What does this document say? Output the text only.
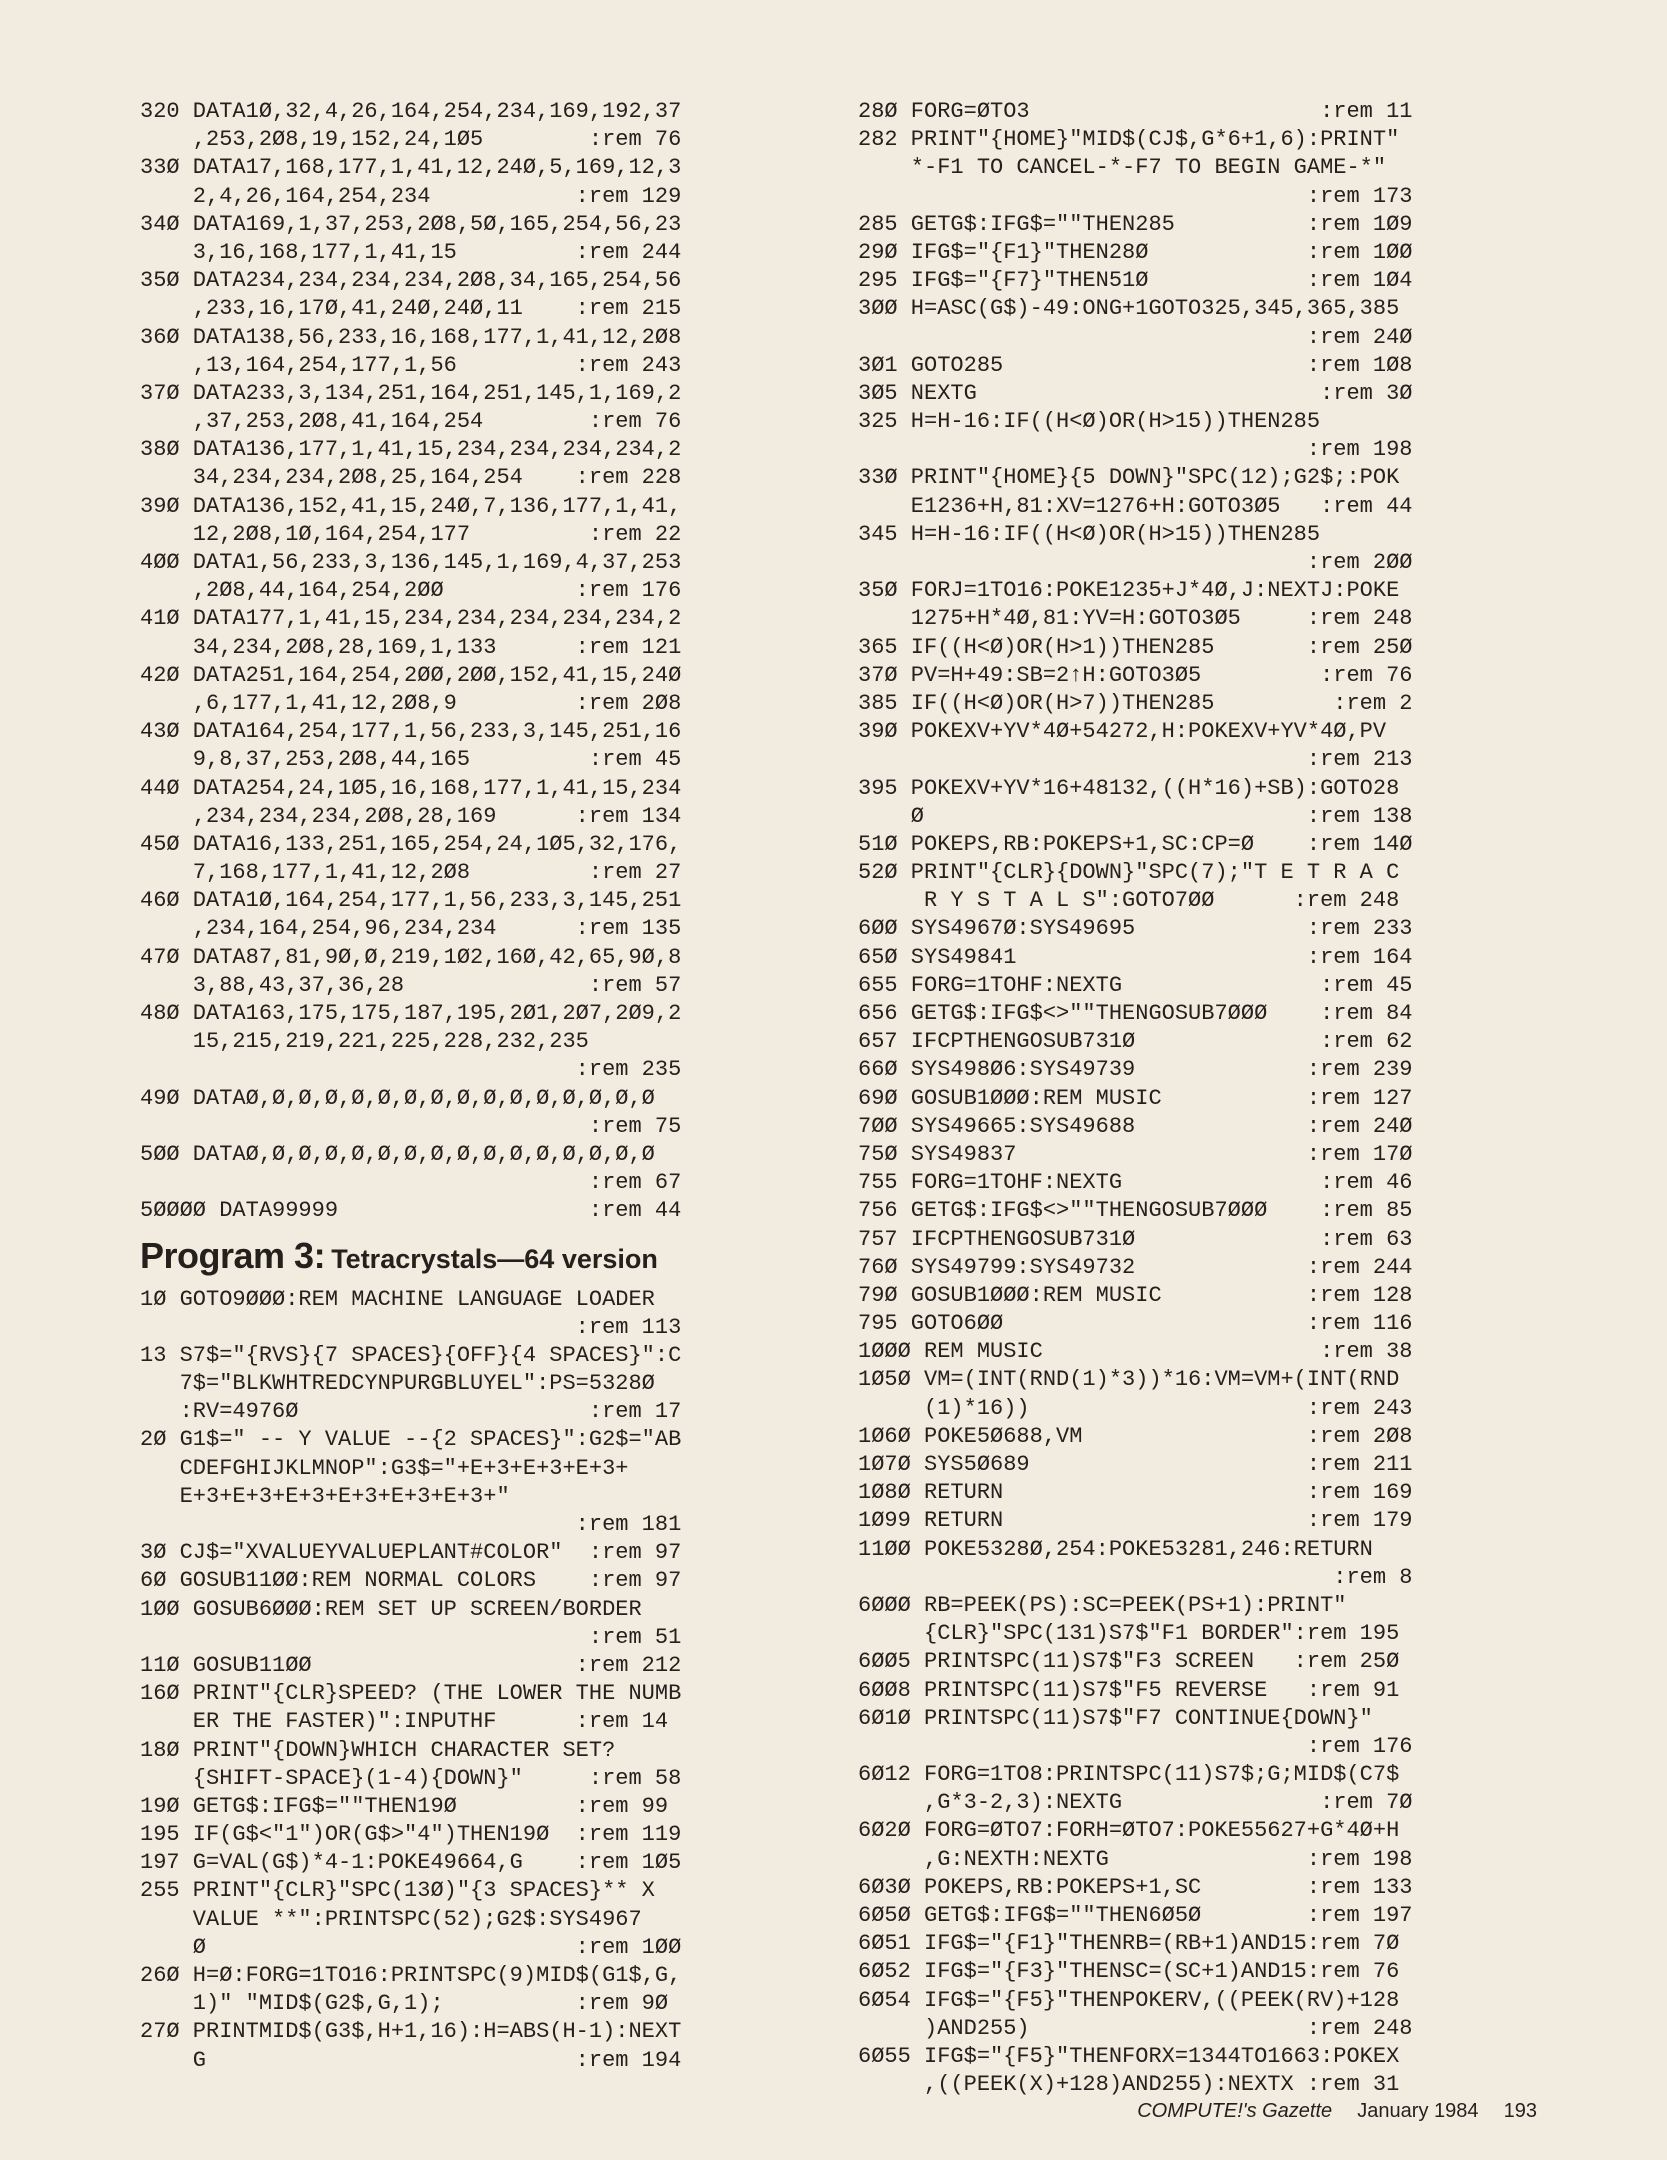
320 DATA1Ø,32,4,26,164,254,234,169,192,37
,253,2Ø8,19,152,24,1Ø5        :rem 76
33Ø DATA17,168,177,1,41,12,24Ø,5,169,12,3
2,4,26,164,254,234           :rem 129
34Ø DATA169,1,37,253,2Ø8,5Ø,165,254,56,23
3,16,168,177,1,41,15         :rem 244
35Ø DATA234,234,234,234,2Ø8,34,165,254,56
,233,16,17Ø,41,24Ø,24Ø,11    :rem 215
36Ø DATA138,56,233,16,168,177,1,41,12,2Ø8
,13,164,254,177,1,56         :rem 243
37Ø DATA233,3,134,251,164,251,145,1,169,2
,37,253,2Ø8,41,164,254        :rem 76
38Ø DATA136,177,1,41,15,234,234,234,234,2
34,234,234,2Ø8,25,164,254    :rem 228
39Ø DATA136,152,41,15,24Ø,7,136,177,1,41,
12,2Ø8,1Ø,164,254,177         :rem 22
4ØØ DATA1,56,233,3,136,145,1,169,4,37,253
,2Ø8,44,164,254,2ØØ          :rem 176
41Ø DATA177,1,41,15,234,234,234,234,234,2
34,234,2Ø8,28,169,1,133      :rem 121
42Ø DATA251,164,254,2ØØ,2ØØ,152,41,15,24Ø
,6,177,1,41,12,2Ø8,9         :rem 2Ø8
43Ø DATA164,254,177,1,56,233,3,145,251,16
9,8,37,253,2Ø8,44,165         :rem 45
44Ø DATA254,24,1Ø5,16,168,177,1,41,15,234
,234,234,234,2Ø8,28,169      :rem 134
45Ø DATA16,133,251,165,254,24,1Ø5,32,176,
7,168,177,1,41,12,2Ø8         :rem 27
46Ø DATA1Ø,164,254,177,1,56,233,3,145,251
,234,164,254,96,234,234      :rem 135
47Ø DATA87,81,9Ø,Ø,219,1Ø2,16Ø,42,65,9Ø,8
3,88,43,37,36,28              :rem 57
48Ø DATA163,175,175,187,195,2Ø1,2Ø7,2Ø9,2
15,215,219,221,225,228,232,235
:rem 235
49Ø DATAØ,Ø,Ø,Ø,Ø,Ø,Ø,Ø,Ø,Ø,Ø,Ø,Ø,Ø,Ø,Ø
:rem 75
5ØØ DATAØ,Ø,Ø,Ø,Ø,Ø,Ø,Ø,Ø,Ø,Ø,Ø,Ø,Ø,Ø,Ø
:rem 67
5ØØØØ DATA99999                   :rem 44
Program 3: Tetracrystals—64 version
1Ø GOTO9ØØØ:REM MACHINE LANGUAGE LOADER
:rem 113
13 S7$="{RVS}{7 SPACES}{OFF}{4 SPACES}":C
7$="BLKWHTREDCYNPURGBLUYEL":PS=5328Ø
:RV=4976Ø                      :rem 17
2Ø G1$=" -- Y VALUE --{2 SPACES}":G2$="AB
CDEFGHIJKLMNOP":G3$="+E+3+E+3+E+3+
E+3+E+3+E+3+E+3+E+3+E+3+"
:rem 181
3Ø CJ$="XVALUEYVALUEPLANT#COLOR"  :rem 97
6Ø GOSUB11ØØ:REM NORMAL COLORS    :rem 97
1ØØ GOSUB6ØØØ:REM SET UP SCREEN/BORDER
:rem 51
11Ø GOSUB11ØØ                    :rem 212
16Ø PRINT"{CLR}SPEED? (THE LOWER THE NUMB
ER THE FASTER)":INPUTHF      :rem 14
18Ø PRINT"{DOWN}WHICH CHARACTER SET?
{SHIFT-SPACE}(1-4){DOWN}"     :rem 58
19Ø GETG$:IFG$=""THEN19Ø         :rem 99
195 IF(G$<"1")OR(G$>"4")THEN19Ø  :rem 119
197 G=VAL(G$)*4-1:POKE49664,G    :rem 1Ø5
255 PRINT"{CLR}"SPC(13Ø)"{3 SPACES}** X
VALUE **":PRINTSPC(52);G2$:SYS4967
Ø                            :rem 1ØØ
26Ø H=Ø:FORG=1TO16:PRINTSPC(9)MID$(G1$,G,
1)" "MID$(G2$,G,1);          :rem 9Ø
27Ø PRINTMID$(G3$,H+1,16):H=ABS(H-1):NEXT
G                            :rem 194
28Ø FORG=ØTO3                      :rem 11
282 PRINT"{HOME}"MID$(CJ$,G*6+1,6):PRINT"
*-F1 TO CANCEL-*-F7 TO BEGIN GAME-*"
:rem 173
285 GETG$:IFG$=""THEN285          :rem 1Ø9
29Ø IFG$="{F1}"THEN28Ø            :rem 1ØØ
295 IFG$="{F7}"THEN51Ø            :rem 1Ø4
3ØØ H=ASC(G$)-49:ONG+1GOTO325,345,365,385
:rem 24Ø
3Ø1 GOTO285                       :rem 1Ø8
3Ø5 NEXTG                          :rem 3Ø
325 H=H-16:IF((H<Ø)OR(H>15))THEN285
:rem 198
33Ø PRINT"{HOME}{5 DOWN}"SPC(12);G2$;:POK
E1236+H,81:XV=1276+H:GOTO3Ø5   :rem 44
345 H=H-16:IF((H<Ø)OR(H>15))THEN285
:rem 2ØØ
35Ø FORJ=1TO16:POKE1235+J*4Ø,J:NEXTJ:POKE
1275+H*4Ø,81:YV=H:GOTO3Ø5     :rem 248
365 IF((H<Ø)OR(H>1))THEN285       :rem 25Ø
37Ø PV=H+49:SB=2↑H:GOTO3Ø5         :rem 76
385 IF((H<Ø)OR(H>7))THEN285         :rem 2
39Ø POKEXV+YV*4Ø+54272,H:POKEXV+YV*4Ø,PV
:rem 213
395 POKEXV+YV*16+48132,((H*16)+SB):GOTO28
Ø                             :rem 138
51Ø POKEPS,RB:POKEPS+1,SC:CP=Ø    :rem 14Ø
52Ø PRINT"{CLR}{DOWN}"SPC(7);"T E T R A C
R Y S T A L S":GOTO7ØØ      :rem 248
6ØØ SYS4967Ø:SYS49695             :rem 233
65Ø SYS49841                      :rem 164
655 FORG=1TOHF:NEXTG               :rem 45
656 GETG$:IFG$<>""THENGOSUB7ØØØ    :rem 84
657 IFCPTHENGOSUB731Ø              :rem 62
66Ø SYS498Ø6:SYS49739             :rem 239
69Ø GOSUB1ØØØ:REM MUSIC           :rem 127
7ØØ SYS49665:SYS49688             :rem 24Ø
75Ø SYS49837                      :rem 17Ø
755 FORG=1TOHF:NEXTG               :rem 46
756 GETG$:IFG$<>""THENGOSUB7ØØØ    :rem 85
757 IFCPTHENGOSUB731Ø              :rem 63
76Ø SYS49799:SYS49732             :rem 244
79Ø GOSUB1ØØØ:REM MUSIC           :rem 128
795 GOTO6ØØ                       :rem 116
1ØØØ REM MUSIC                     :rem 38
1Ø5Ø VM=(INT(RND(1)*3))*16:VM=VM+(INT(RND
(1)*16))                     :rem 243
1Ø6Ø POKE5Ø688,VM                 :rem 2Ø8
1Ø7Ø SYS5Ø689                     :rem 211
1Ø8Ø RETURN                       :rem 169
1Ø99 RETURN                       :rem 179
11ØØ POKE5328Ø,254:POKE53281,246:RETURN
:rem 8
6ØØØ RB=PEEK(PS):SC=PEEK(PS+1):PRINT"
{CLR}"SPC(131)S7$"F1 BORDER":rem 195
6ØØ5 PRINTSPC(11)S7$"F3 SCREEN   :rem 25Ø
6ØØ8 PRINTSPC(11)S7$"F5 REVERSE   :rem 91
6Ø1Ø PRINTSPC(11)S7$"F7 CONTINUE{DOWN}"
:rem 176
6Ø12 FORG=1TO8:PRINTSPC(11)S7$;G;MID$(C7$
,G*3-2,3):NEXTG               :rem 7Ø
6Ø2Ø FORG=ØTO7:FORH=ØTO7:POKE55627+G*4Ø+H
,G:NEXTH:NEXTG               :rem 198
6Ø3Ø POKEPS,RB:POKEPS+1,SC        :rem 133
6Ø5Ø GETG$:IFG$=""THEN6Ø5Ø        :rem 197
6Ø51 IFG$="{F1}"THENRB=(RB+1)AND15:rem 7Ø
6Ø52 IFG$="{F3}"THENSC=(SC+1)AND15:rem 76
6Ø54 IFG$="{F5}"THENPOKERV,((PEEK(RV)+128
)AND255)                     :rem 248
6Ø55 IFG$="{F5}"THENFORX=1344TO1663:POKEX
,((PEEK(X)+128)AND255):NEXTX :rem 31
COMPUTE!'s Gazette January 1984 193
